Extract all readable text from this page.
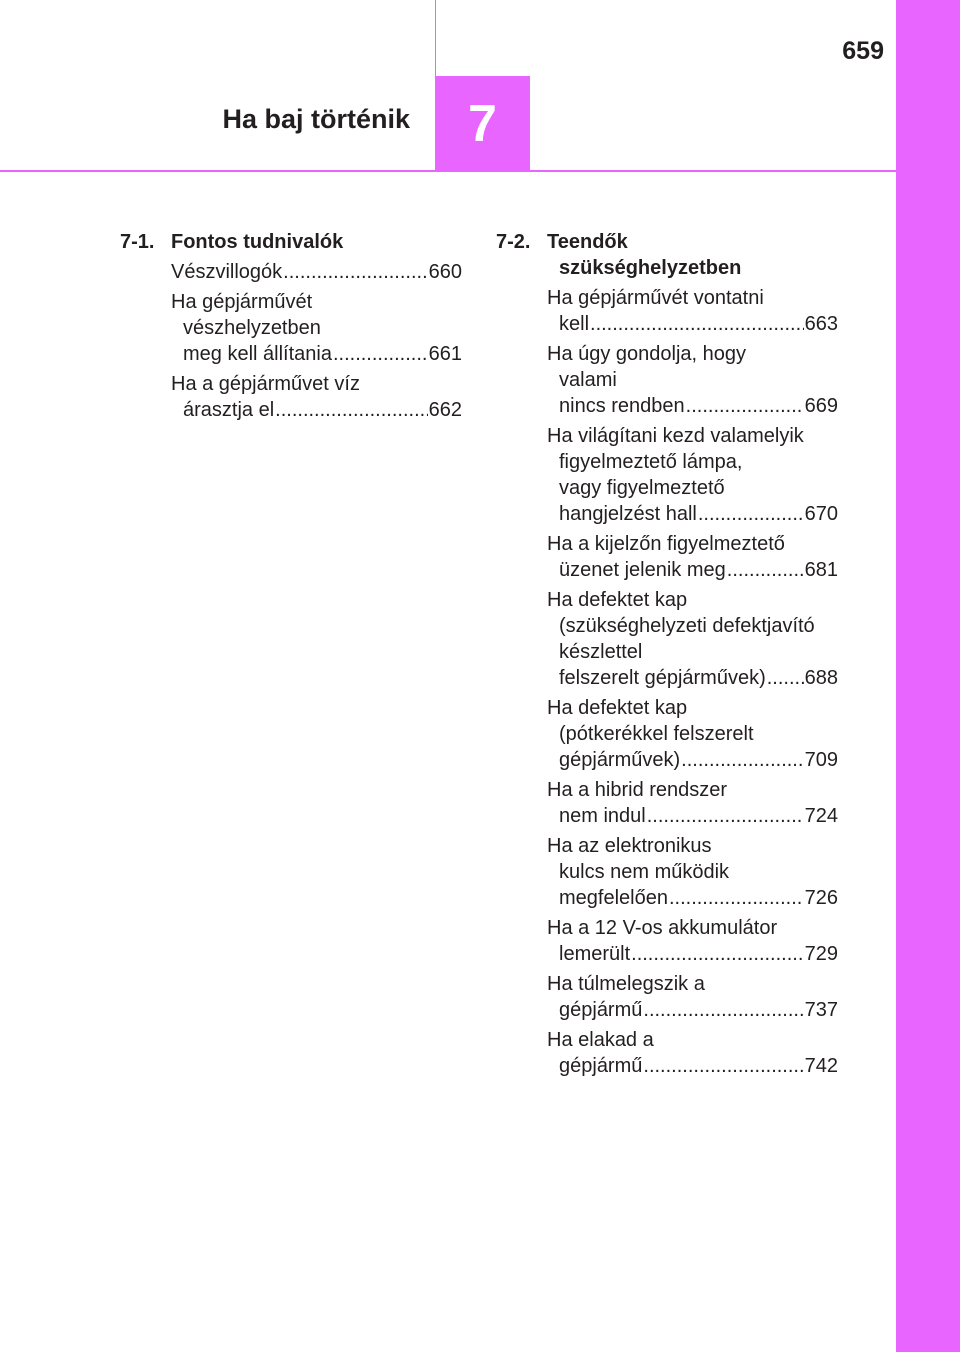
659
Ha baj történik 7
7-1. Fontos tudnivalók
Vészvillogók .....	660
Ha gépjárművét
vészhelyzetben
meg kell állítania .....	661
Ha a gépjárművet víz
árasztja el .....	662
7-2. Teendők
szükséghelyzetben
Ha gépjárművét vontatni
kell .....	663
Ha úgy gondolja, hogy
valami
nincs rendben .....	669
Ha világítani kezd valamelyik
figyelmeztető lámpa,
vagy figyelmeztető
hangjelzést hall .....	670
Ha a kijelzőn figyelmeztető
üzenet jelenik meg .....	681
Ha defektet kap
(szükséghelyzeti defektjavító
készlettel
felszerelt gépjárművek) ..... 688
Ha defektet kap
(pótkerékkel felszerelt
gépjárművek) .....	709
Ha a hibrid rendszer
nem indul .....	724
Ha az elektronikus
kulcs nem működik
megfelelően .....	726
Ha a 12 V-os akkumulátor
lemerült .....	729
Ha túlmelegszik a
gépjármű .....	737
Ha elakad a
gépjármű .....	742
